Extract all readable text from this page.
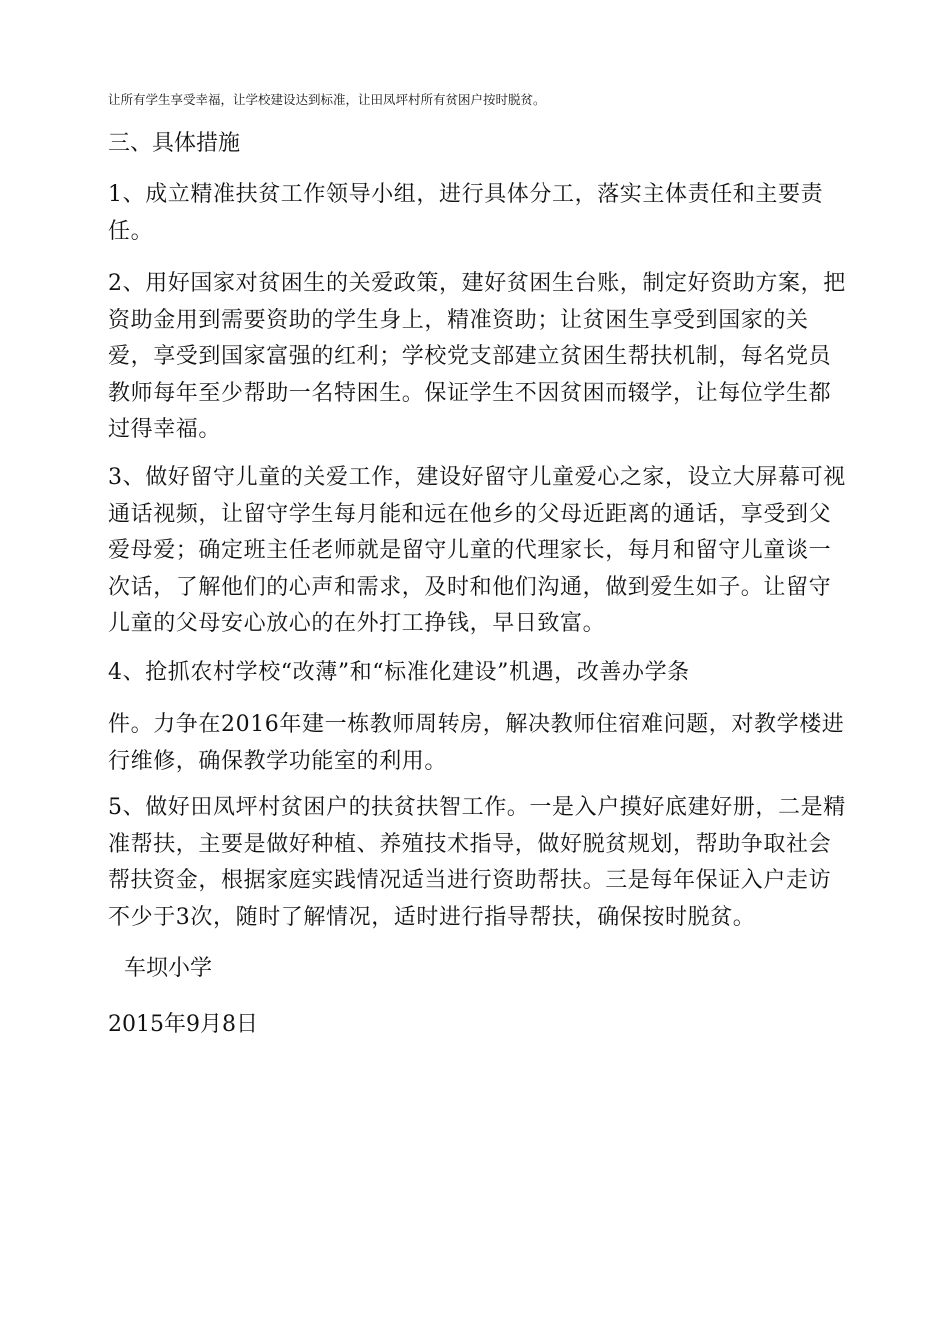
让所有学生享受幸福，让学校建设达到标准，让田凤坪村所有贫困户按时脱贫。
三、具体措施
1、成立精准扶贫工作领导小组，进行具体分工，落实主体责任和主要责任。
2、用好国家对贫困生的关爱政策，建好贫困生台账，制定好资助方案，把资助金用到需要资助的学生身上，精准资助；让贫困生享受到国家的关爱，享受到国家富强的红利；学校党支部建立贫困生帮扶机制，每名党员教师每年至少帮助一名特困生。保证学生不因贫困而辍学，让每位学生都过得幸福。
3、做好留守儿童的关爱工作，建设好留守儿童爱心之家，设立大屏幕可视通话视频，让留守学生每月能和远在他乡的父母近距离的通话，享受到父爱母爱；确定班主任老师就是留守儿童的代理家长，每月和留守儿童谈一次话，了解他们的心声和需求，及时和他们沟通，做到爱生如子。让留守儿童的父母安心放心的在外打工挣钱，早日致富。
4、抢抓农村学校“改薄”和“标准化建设”机遇，改善办学条
件。力争在2016年建一栋教师周转房，解决教师住宿难问题，对教学楼进行维修，确保教学功能室的利用。
5、做好田凤坪村贫困户的扶贫扶智工作。一是入户摸好底建好册，二是精准帮扶，主要是做好种植、养殖技术指导，做好脱贫规划，帮助争取社会帮扶资金，根据家庭实践情况适当进行资助帮扶。三是每年保证入户走访不少于3次，随时了解情况，适时进行指导帮扶，确保按时脱贫。
车坝小学
2015年9月8日
